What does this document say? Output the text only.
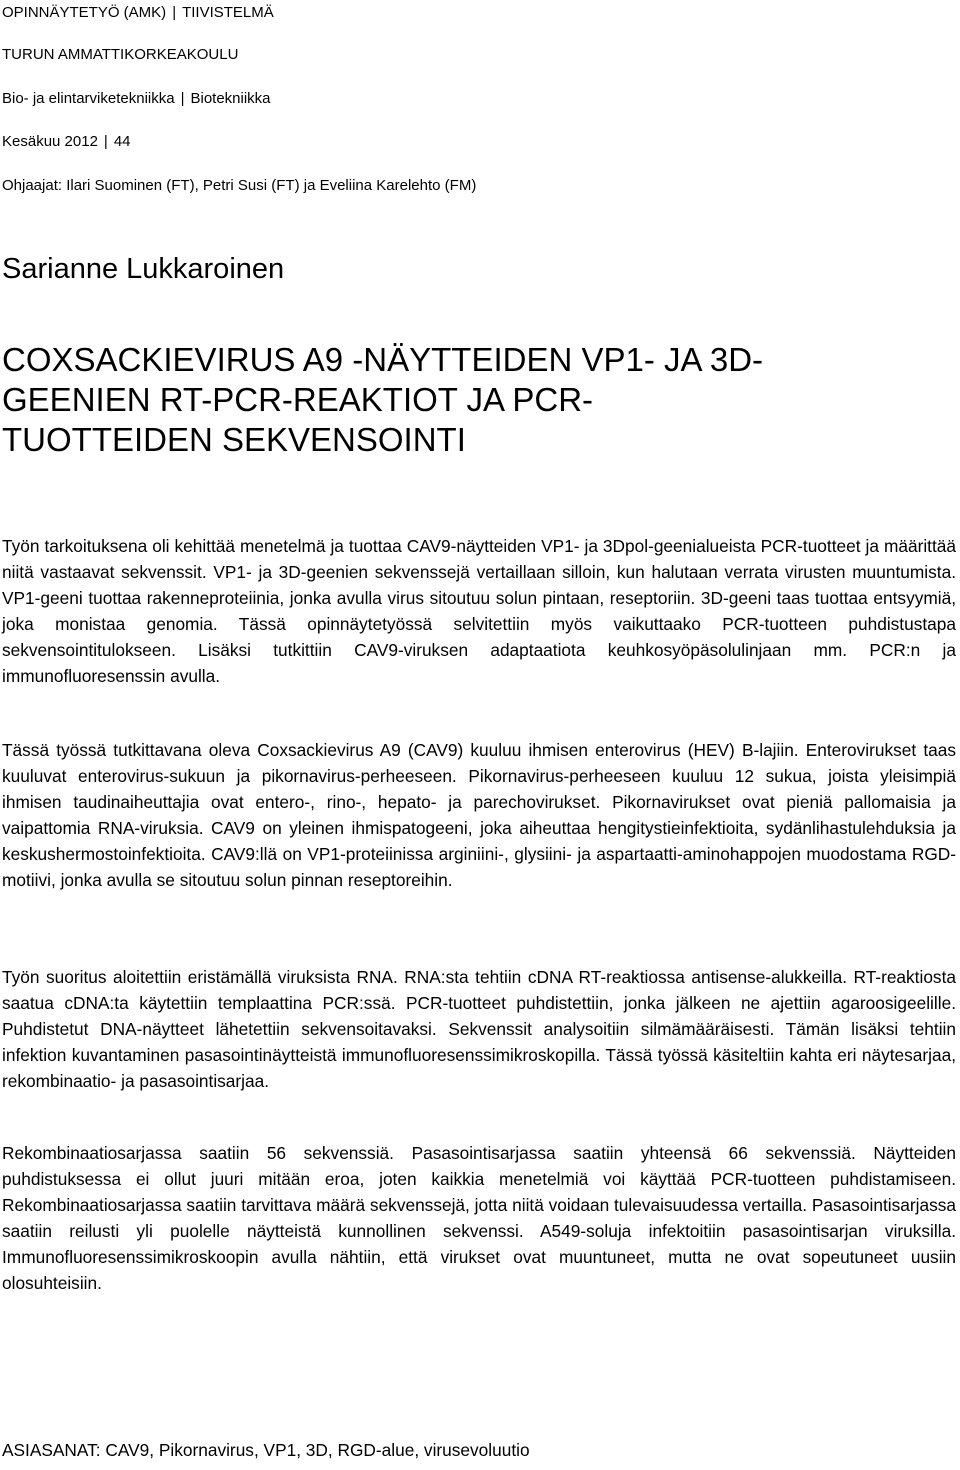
OPINNÄYTETYÖ (AMK) | TIIVISTELMÄ
TURUN AMMATTIKORKEAKOULU
Bio- ja elintarviketekniikka | Biotekniikka
Kesäkuu 2012 | 44
Ohjaajat: Ilari Suominen (FT), Petri Susi (FT) ja Eveliina Karelehto (FM)
Sarianne Lukkaroinen
COXSACKIEVIRUS A9 -NÄYTTEIDEN VP1- JA 3D-
GEENIEN RT-PCR-REAKTIOT JA PCR-
TUOTTEIDEN SEKVENSOINTI

Työn tarkoituksena oli kehittää menetelmä ja tuottaa CAV9-näytteiden VP1- ja 3Dpol-geenialueista PCR-tuotteet ja määrittää niitä vastaavat sekvenssit. VP1- ja 3D-geenien sekvenssejä vertaillaan silloin, kun halutaan verrata virusten muuntumista. VP1-geeni tuottaa rakenneproteiinia, jonka avulla virus sitoutuu solun pintaan, reseptoriin. 3D-geeni taas tuottaa entsyymiä, joka monistaa genomia. Tässä opinnäytetyössä selvitettiin myös vaikuttaako PCR-tuotteen puhdistustapa sekvensointitulokseen. Lisäksi tutkittiin CAV9-viruksen adaptaatiota keuhkosyöpäsolulinjaan mm. PCR:n ja immunofluoresenssin avulla.

Tässä työssä tutkittavana oleva Coxsackievirus A9 (CAV9) kuuluu ihmisen enterovirus (HEV) B-lajiin. Enterovirukset taas kuuluvat enterovirus-sukuun ja pikornavirus-perheeseen. Pikornavirus-perheeseen kuuluu 12 sukua, joista yleisimpiä ihmisen taudinaiheuttajia ovat entero-, rino-, hepato- ja parechovirukset. Pikornavirukset ovat pieniä pallomaisia ja vaipattomia RNA-viruksia. CAV9 on yleinen ihmispatogeeni, joka aiheuttaa hengitystieinfektioita, sydänlihastulehduksia ja keskushermostoinfektioita. CAV9:llä on VP1-proteiinissa arginiini-, glysiini- ja aspartaatti-aminohappojen muodostama RGD-motiivi, jonka avulla se sitoutuu solun pinnan reseptoreihin.

Työn suoritus aloitettiin eristämällä viruksista RNA. RNA:sta tehtiin cDNA RT-reaktiossa antisense-alukkeilla. RT-reaktiosta saatua cDNA:ta käytettiin templaattina PCR:ssä. PCR-tuotteet puhdistettiin, jonka jälkeen ne ajettiin agaroosigeelille. Puhdistetut DNA-näytteet lähetettiin sekvensoitavaksi. Sekvenssit analysoitiin silmämääräisesti. Tämän lisäksi tehtiin infektion kuvantaminen pasasointinäytteistä immunofluoresenssimikroskopilla. Tässä työssä käsiteltiin kahta eri näytesarjaa, rekombinaatio- ja pasasointisarjaa.

Rekombinaatiosarjassa saatiin 56 sekvenssiä. Pasasointisarjassa saatiin yhteensä 66 sekvenssiä. Näytteiden puhdistuksessa ei ollut juuri mitään eroa, joten kaikkia menetelmiä voi käyttää PCR-tuotteen puhdistamiseen. Rekombinaatiosarjassa saatiin tarvittava määrä sekvenssejä, jotta niitä voidaan tulevaisuudessa vertailla. Pasasointisarjassa saatiin reilusti yli puolelle näytteistä kunnollinen sekvenssi. A549-soluja infektoitiin pasasointisarjan viruksilla. Immunofluoresenssimikroskoopin avulla nähtiin, että virukset ovat muuntuneet, mutta ne ovat sopeutuneet uusiin olosuhteisiin.

ASIASANAT: CAV9, Pikornavirus, VP1, 3D, RGD-alue, virusevoluutio
